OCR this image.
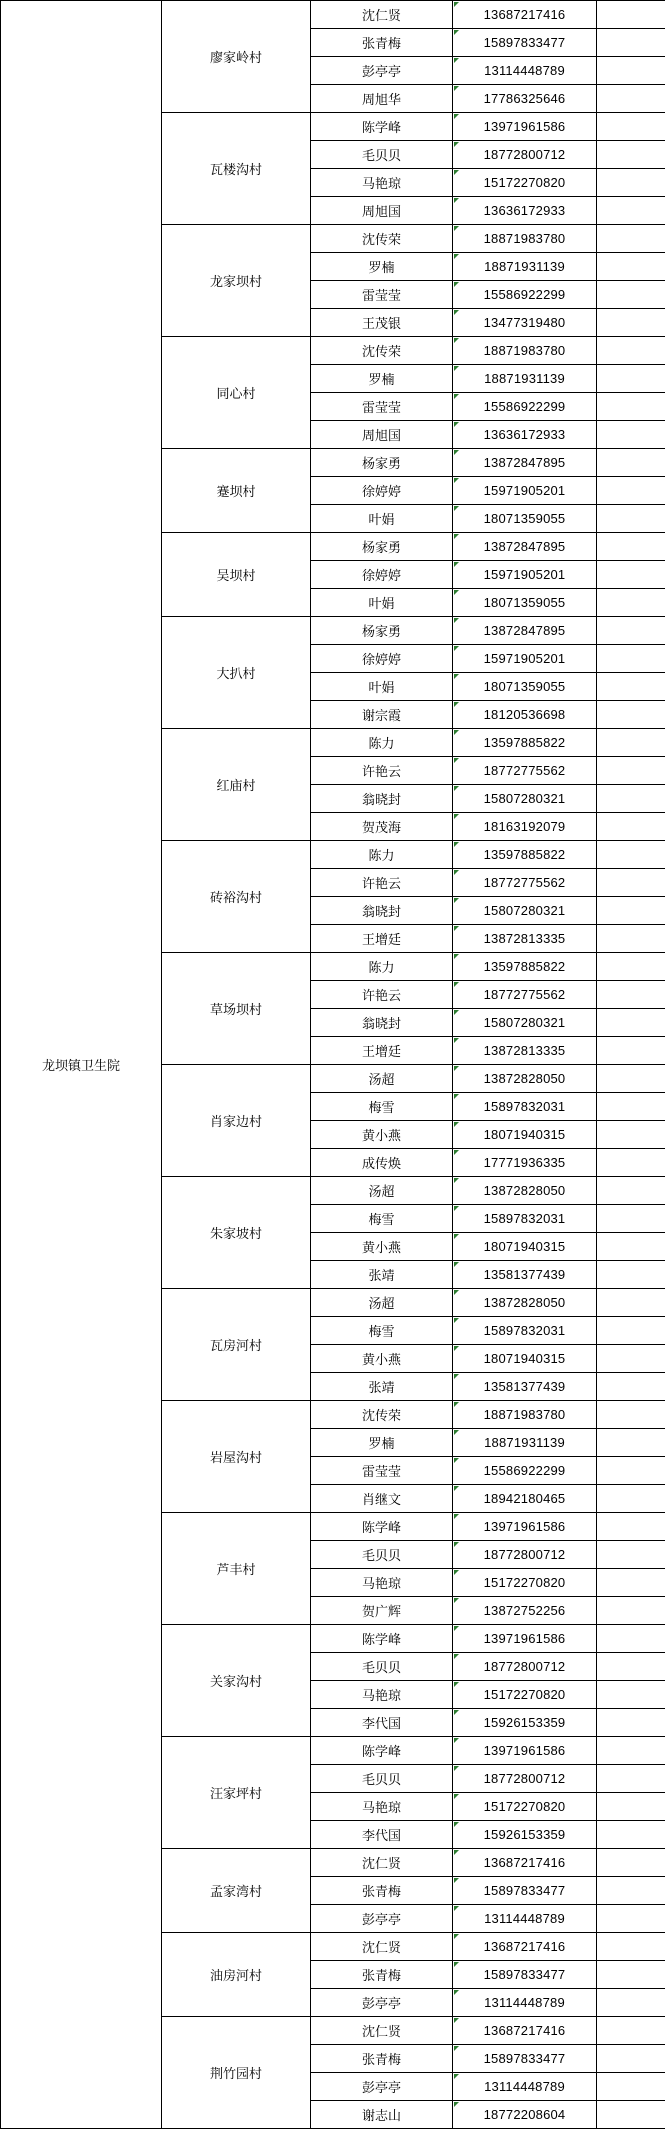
龙坝镇卫生院	廖家岭村	沈仁贤	13687217416	
		张青梅	15897833477	
		彭亭亭	13114448789	
		周旭华	17786325646	
	瓦楼沟村	陈学峰	13971961586	
		毛贝贝	18772800712	
		马艳琼	15172270820	
		周旭国	13636172933	
	龙家坝村	沈传荣	18871983780	
		罗楠	18871931139	
		雷莹莹	15586922299	
		王茂银	13477319480	
	同心村	沈传荣	18871983780	
		罗楠	18871931139	
		雷莹莹	15586922299	
		周旭国	13636172933	
	蹇坝村	杨家勇	13872847895	
		徐婷婷	15971905201	
		叶娟	18071359055	
	吴坝村	杨家勇	13872847895	
		徐婷婷	15971905201	
		叶娟	18071359055	
	大扒村	杨家勇	13872847895	
		徐婷婷	15971905201	
		叶娟	18071359055	
		谢宗霞	18120536698	
	红庙村	陈力	13597885822	
		许艳云	18772775562	
		翁晓封	15807280321	
		贺茂海	18163192079	
	砖裕沟村	陈力	13597885822	
		许艳云	18772775562	
		翁晓封	15807280321	
		王增廷	13872813335	
	草场坝村	陈力	13597885822	
		许艳云	18772775562	
		翁晓封	15807280321	
		王增廷	13872813335	
	肖家边村	汤超	13872828050	
		梅雪	15897832031	
		黄小燕	18071940315	
		成传焕	17771936335	
	朱家坡村	汤超	13872828050	
		梅雪	15897832031	
		黄小燕	18071940315	
		张靖	13581377439	
	瓦房河村	汤超	13872828050	
		梅雪	15897832031	
		黄小燕	18071940315	
		张靖	13581377439	
	岩屋沟村	沈传荣	18871983780	
		罗楠	18871931139	
		雷莹莹	15586922299	
		肖继文	18942180465	
	芦丰村	陈学峰	13971961586	
		毛贝贝	18772800712	
		马艳琼	15172270820	
		贺广辉	13872752256	
	关家沟村	陈学峰	13971961586	
		毛贝贝	18772800712	
		马艳琼	15172270820	
		李代国	15926153359	
	汪家坪村	陈学峰	13971961586	
		毛贝贝	18772800712	
		马艳琼	15172270820	
		李代国	15926153359	
	孟家湾村	沈仁贤	13687217416	
		张青梅	15897833477	
		彭亭亭	13114448789	
	油房河村	沈仁贤	13687217416	
		张青梅	15897833477	
		彭亭亭	13114448789	
	荆竹园村	沈仁贤	13687217416	
		张青梅	15897833477	
		彭亭亭	13114448789	
		谢志山	18772208604	
